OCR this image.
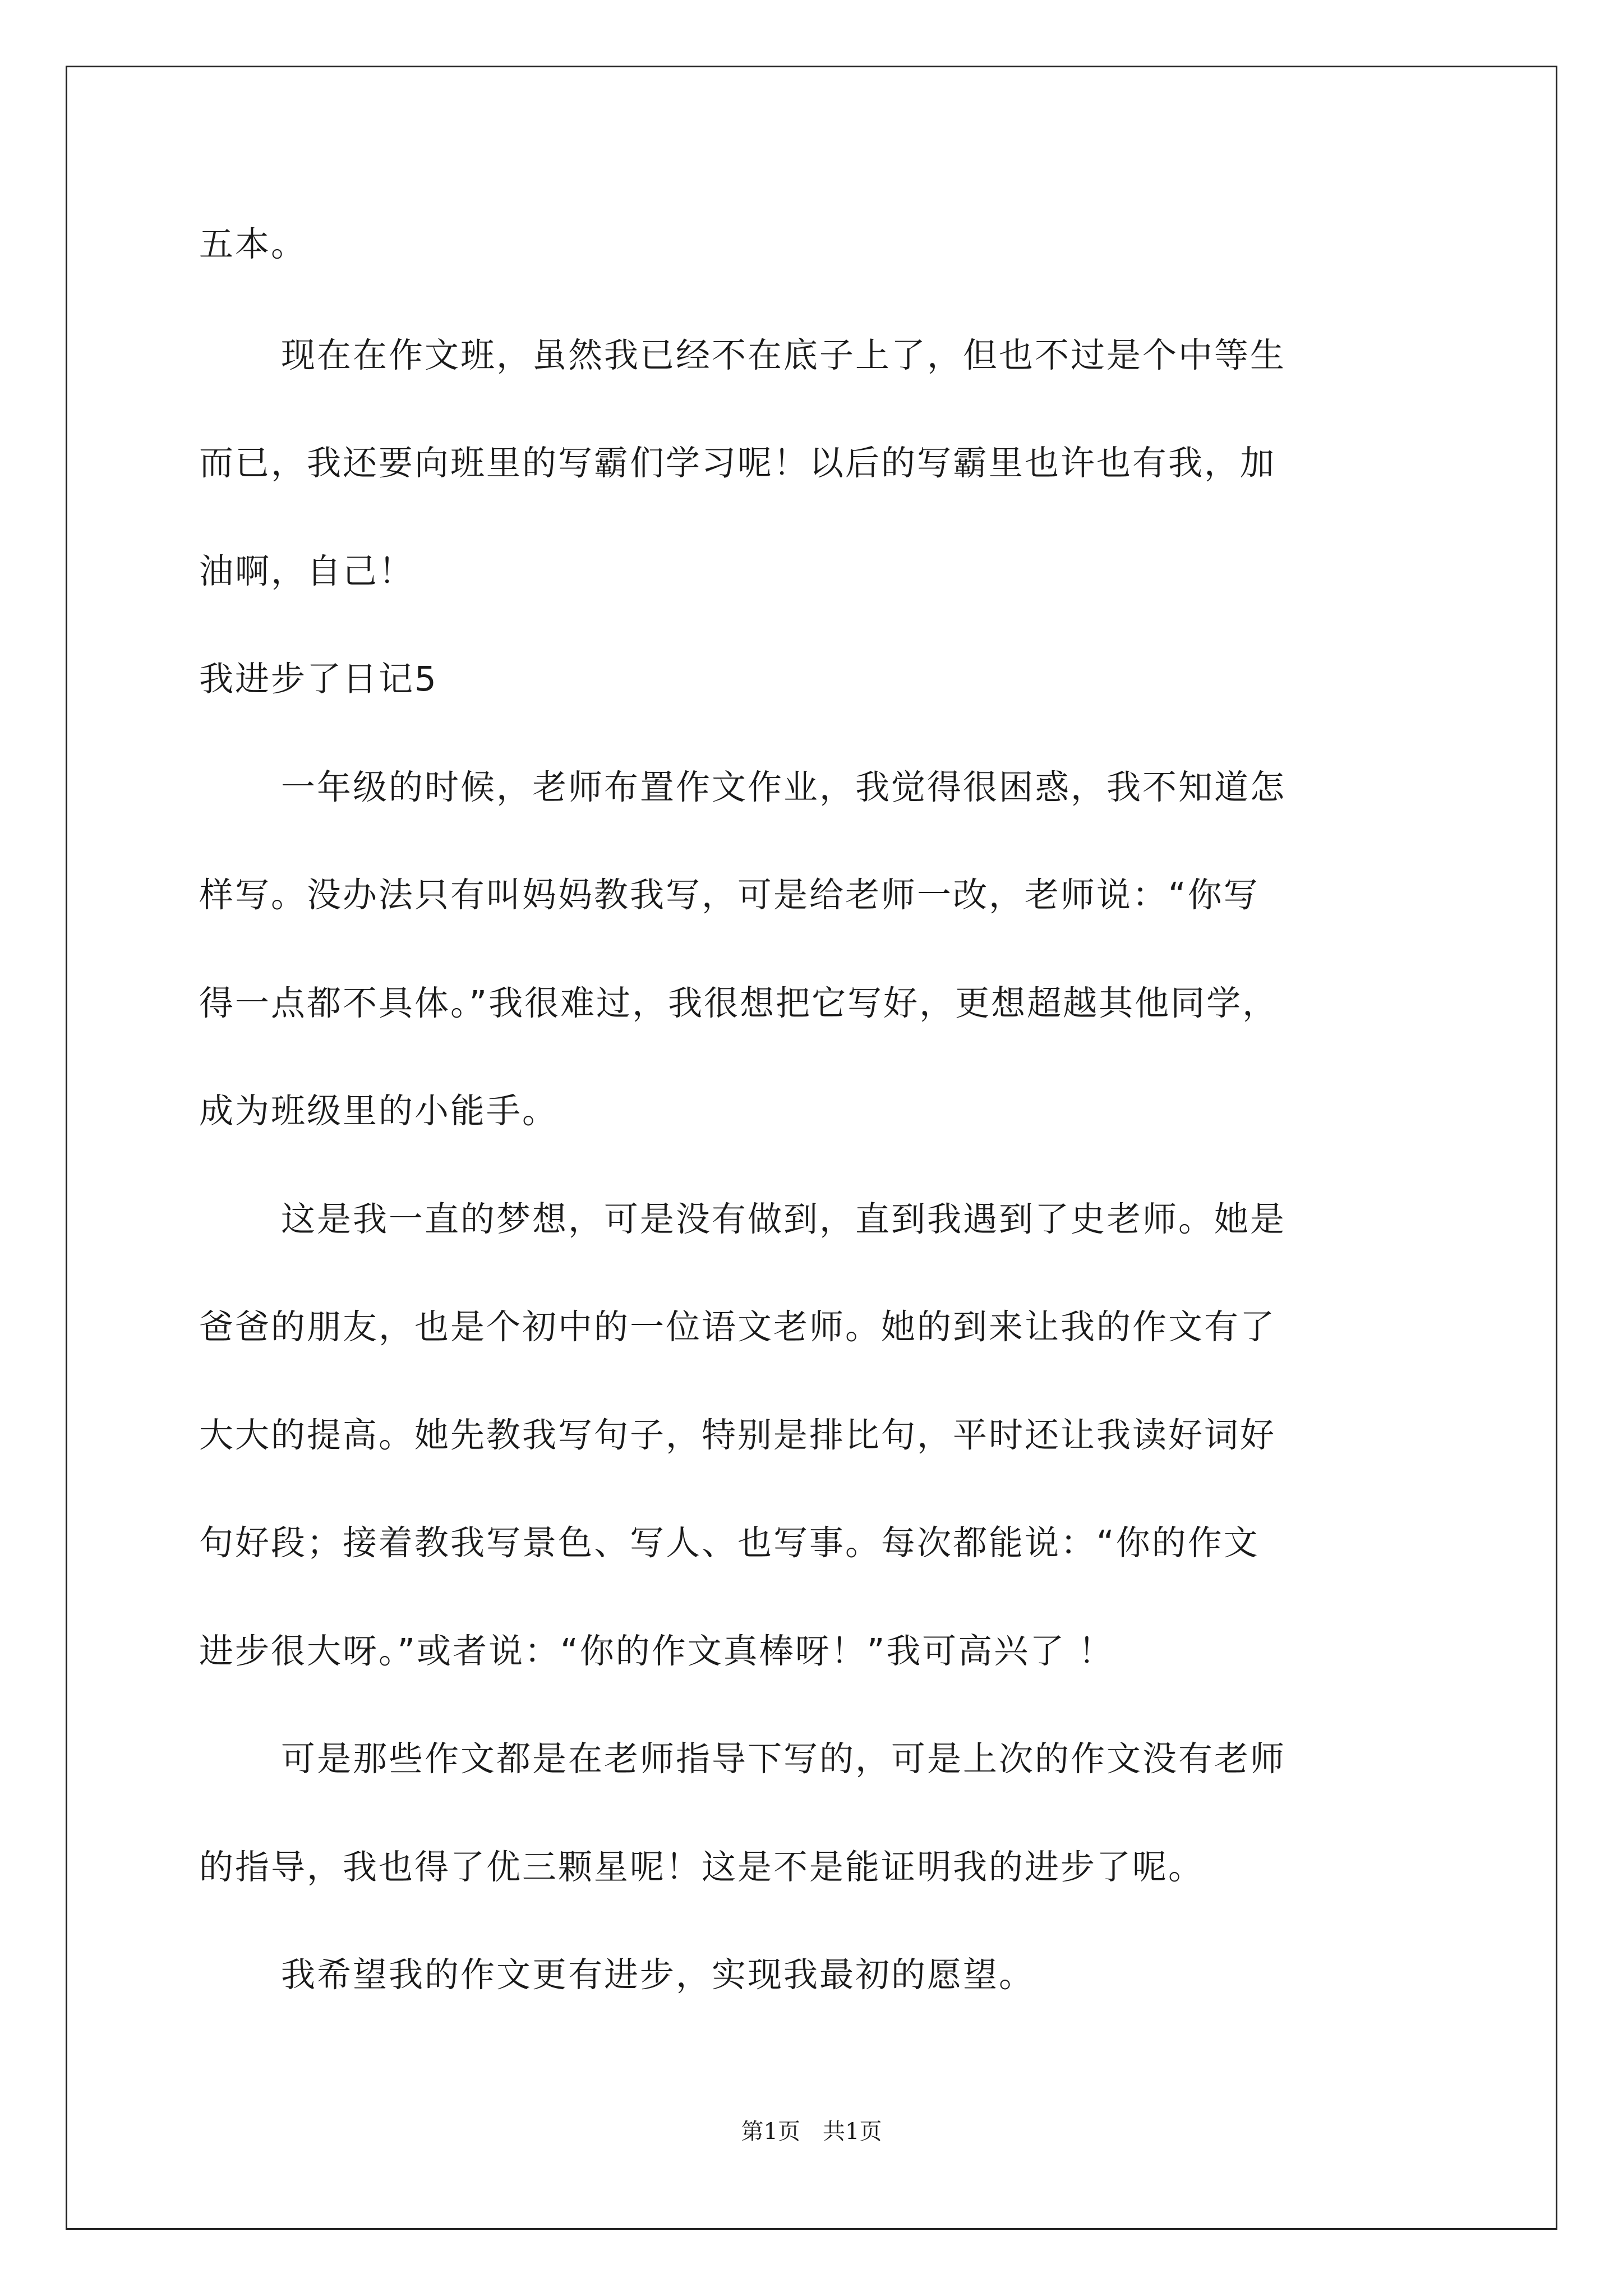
五本。
现在在作文班，虽然我已经不在底子上了，但也不过是个中等生
而已，我还要向班里的写霸们学习呢！以后的写霸里也许也有我，加
油啊，自己！
我进步了日记5
一年级的时候，老师布置作文作业，我觉得很困惑，我不知道怎
样写。没办法只有叫妈妈教我写，可是给老师一改，老师说：“你写
得一点都不具体。”我很难过，我很想把它写好，更想超越其他同学，
成为班级里的小能手。
这是我一直的梦想，可是没有做到，直到我遇到了史老师。她是
爸爸的朋友，也是个初中的一位语文老师。她的到来让我的作文有了
大大的提高。她先教我写句子，特别是排比句，平时还让我读好词好
句好段；接着教我写景色、写人、也写事。每次都能说：“你的作文
进步很大呀。”或者说：“你的作文真棒呀！”我可高兴了 ！
可是那些作文都是在老师指导下写的，可是上次的作文没有老师
的指导，我也得了优三颗星呢！这是不是能证明我的进步了呢。
我希望我的作文更有进步，实现我最初的愿望。
第1页　共1页
